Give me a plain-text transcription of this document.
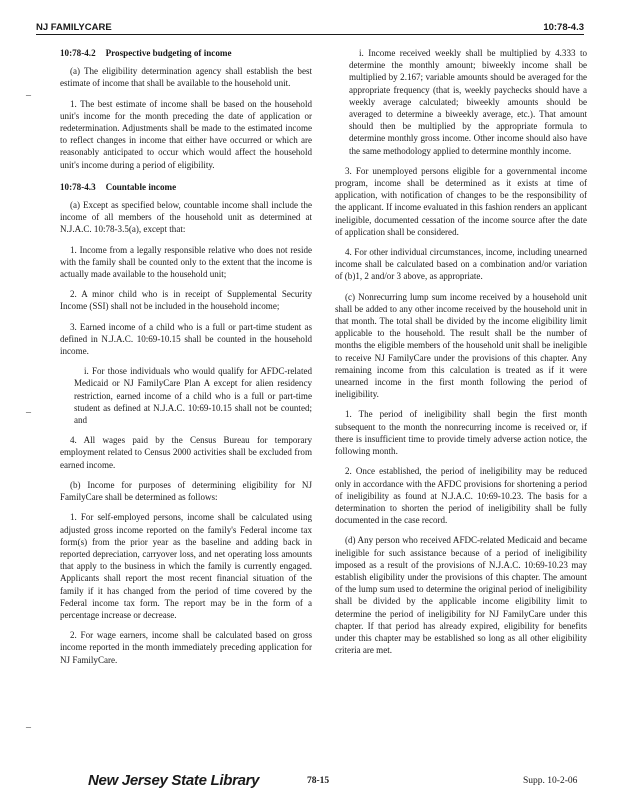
NJ FAMILYCARE	10:78-4.3
–
–
–
10:78-4.2 Prospective budgeting of income

(a) The eligibility determination agency shall establish the best estimate of income that shall be available to the household unit.

1. The best estimate of income shall be based on the household unit's income for the month preceding the date of application or redetermination. Adjustments shall be made to the estimated income to reflect changes in income that either have occurred or which are reasonably anticipated to occur which would affect the household unit's income during a period of eligibility.

10:78-4.3 Countable income

(a) Except as specified below, countable income shall include the income of all members of the household unit as determined at N.J.A.C. 10:78-3.5(a), except that:

1. Income from a legally responsible relative who does not reside with the family shall be counted only to the extent that the income is actually made available to the household unit;

2. A minor child who is in receipt of Supplemental Security Income (SSI) shall not be included in the household income;

3. Earned income of a child who is a full or part-time student as defined in N.J.A.C. 10:69-10.15 shall be counted in the household income.

i. For those individuals who would qualify for AFDC-related Medicaid or NJ FamilyCare Plan A except for alien residency restriction, earned income of a child who is a full or part-time student as defined at N.J.A.C. 10:69-10.15 shall not be counted; and

4. All wages paid by the Census Bureau for temporary employment related to Census 2000 activities shall be excluded from earned income.

(b) Income for purposes of determining eligibility for NJ FamilyCare shall be determined as follows:

1. For self-employed persons, income shall be calculated using adjusted gross income reported on the family's Federal income tax form(s) from the prior year as the baseline and adding back in reported depreciation, carryover loss, and net operating loss amounts that apply to the business in which the family is currently engaged. Applicants shall report the most recent financial situation of the family if it has changed from the period of time covered by the Federal income tax form. The report may be in the form of a percentage increase or decrease.

2. For wage earners, income shall be calculated based on gross income reported in the month immediately preceding application for NJ FamilyCare.

i. Income received weekly shall be multiplied by 4.333 to determine the monthly amount; biweekly income shall be multiplied by 2.167; variable amounts should be averaged for the appropriate frequency (that is, weekly paychecks should have a weekly average calculated; biweekly amounts should be averaged to determine a biweekly average, etc.). That amount should then be multiplied by the appropriate formula to determine monthly gross income. Other income should also have the same methodology applied to determine monthly income.

3. For unemployed persons eligible for a governmental income program, income shall be determined as it exists at time of application, with notification of changes to be the responsibility of the applicant. If income evaluated in this fashion renders an applicant ineligible, documented cessation of the income source after the date of application shall be considered.

4. For other individual circumstances, income, including unearned income shall be calculated based on a combination and/or variation of (b)1, 2 and/or 3 above, as appropriate.

(c) Nonrecurring lump sum income received by a household unit shall be added to any other income received by the household unit in that month. The total shall be divided by the income eligibility limit applicable to the household. The result shall be the number of months the eligible members of the household unit shall be ineligible to receive NJ FamilyCare under the provisions of this chapter. Any remaining income from this calculation is treated as if it were unearned income in the first month following the period of ineligibility.

1. The period of ineligibility shall begin the first month subsequent to the month the nonrecurring income is received or, if there is insufficient time to provide timely adverse action notice, the following month.

2. Once established, the period of ineligibility may be reduced only in accordance with the AFDC provisions for shortening a period of ineligibility as found at N.J.A.C. 10:69-10.23. The basis for a determination to shorten the period of ineligibility shall be fully documented in the case record.

(d) Any person who received AFDC-related Medicaid and became ineligible for such assistance because of a period of ineligibility imposed as a result of the provisions of N.J.A.C. 10:69-10.23 may establish eligibility under the provisions of this chapter. The amount of the lump sum used to determine the original period of ineligibility shall be divided by the applicable income eligibility limit to determine the period of ineligibility for NJ FamilyCare under this chapter. If that period has already expired, eligibility for benefits under this chapter may be established so long as all other eligibility criteria are met.

New Jersey State Library	78-15	Supp. 10-2-06
